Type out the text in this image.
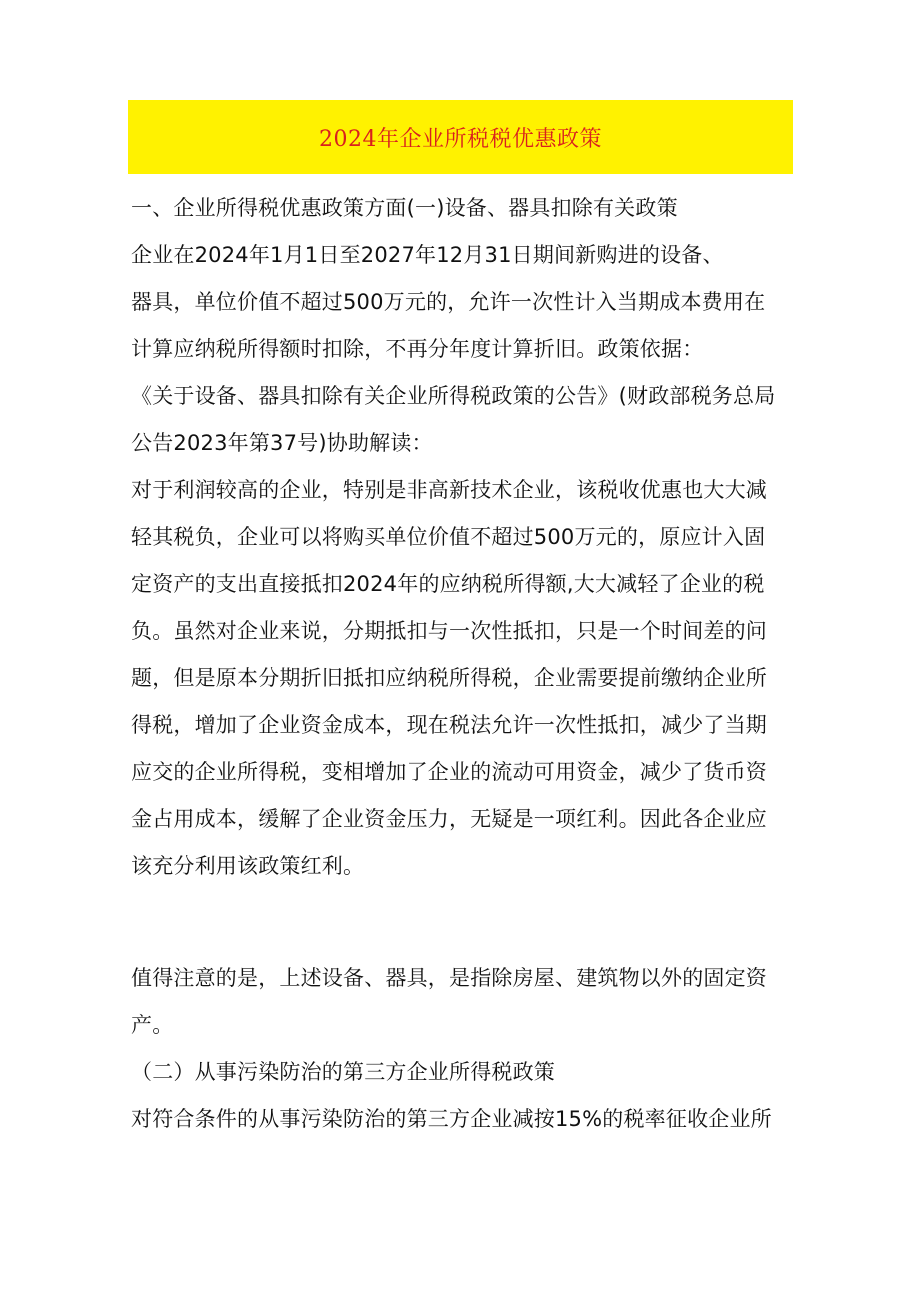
2024年企业所税税优惠政策
一、企业所得税优惠政策方面(一)设备、器具扣除有关政策
企业在2024年1月1日至2027年12月31日期间新购进的设备、
器具，单位价值不超过500万元的，允许一次性计入当期成本费用在
计算应纳税所得额时扣除，不再分年度计算折旧。政策依据：
《关于设备、器具扣除有关企业所得税政策的公告》(财政部税务总局
公告2023年第37号)协助解读：
对于利润较高的企业，特别是非高新技术企业，该税收优惠也大大减
轻其税负，企业可以将购买单位价值不超过500万元的，原应计入固
定资产的支出直接抵扣2024年的应纳税所得额,大大减轻了企业的税
负。虽然对企业来说，分期抵扣与一次性抵扣，只是一个时间差的问
题，但是原本分期折旧抵扣应纳税所得税，企业需要提前缴纳企业所
得税，增加了企业资金成本，现在税法允许一次性抵扣，减少了当期
应交的企业所得税，变相增加了企业的流动可用资金，减少了货币资
金占用成本，缓解了企业资金压力，无疑是一项红利。因此各企业应
该充分利用该政策红利。
值得注意的是，上述设备、器具，是指除房屋、建筑物以外的固定资
产。
（二）从事污染防治的第三方企业所得税政策
对符合条件的从事污染防治的第三方企业减按15%的税率征收企业所
